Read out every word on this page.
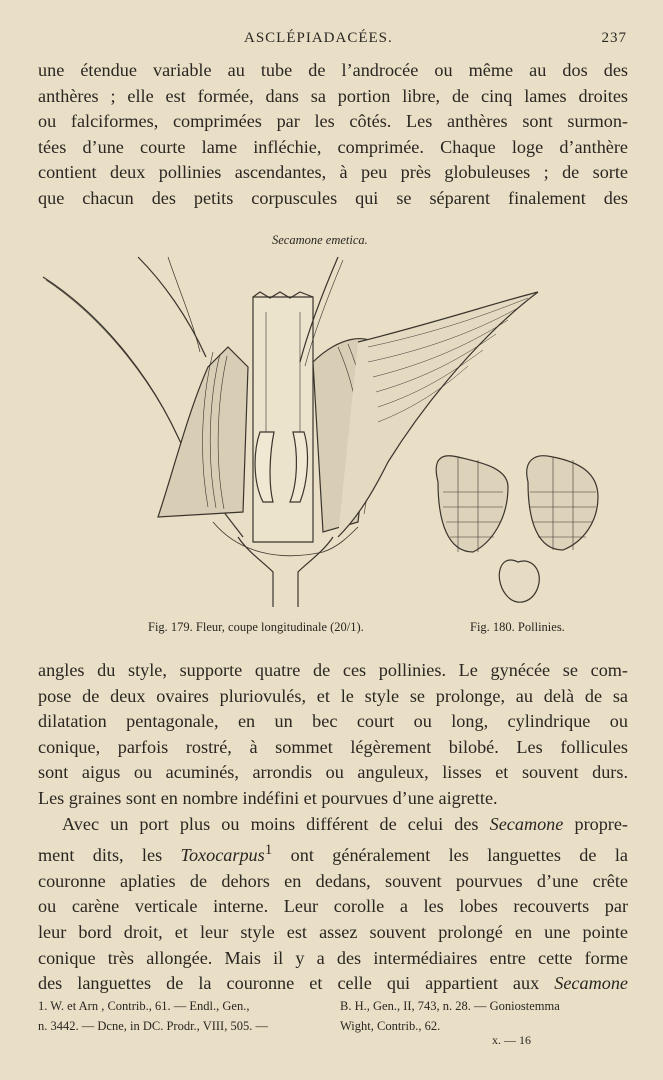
ASCLÉPIADACÉES.	237

une étendue variable au tube de l’androcée ou même au dos des

anthères ; elle est formée, dans sa portion libre, de cinq lames droites

ou falciformes, comprimées par les côtés. Les anthères sont surmon-

tées d’une courte lame infléchie, comprimée. Chaque loge d’anthère

contient deux pollinies ascendantes, à peu près globuleuses ; de sorte

que chacun des petits corpuscules qui se séparent finalement des

Secamone emetica.
Fig. 179. Fleur, coupe longitudinale (20/1).	Fig. 180. Pollinies.

angles du style, supporte quatre de ces pollinies. Le gynécée se com-

pose de deux ovaires pluriovulés, et le style se prolonge, au delà de sa

dilatation pentagonale, en un bec court ou long, cylindrique ou

conique, parfois rostré, à sommet légèrement bilobé. Les follicules

sont aigus ou acuminés, arrondis ou anguleux, lisses et souvent durs.

Les graines sont en nombre indéfini et pourvues d’une aigrette.

Avec un port plus ou moins différent de celui des Secamone propre-

ment dits, les Toxocarpus$^1$ ont généralement les languettes de la

couronne aplaties de dehors en dedans, souvent pourvues d’une crête

ou carène verticale interne. Leur corolle a les lobes recouverts par

leur bord droit, et leur style est assez souvent prolongé en une pointe

conique très allongée. Mais il y a des intermédiaires entre cette forme

des languettes de la couronne et celle qui appartient aux Secamone

1. W. et Arn , Contrib., 61. — Endl., Gen.,	B. H., Gen., II, 743, n. 28. — Goniostemma
n. 3442. — Dcne, in DC. Prodr., VIII, 505. —	Wight, Contrib., 62.
x. — 16
